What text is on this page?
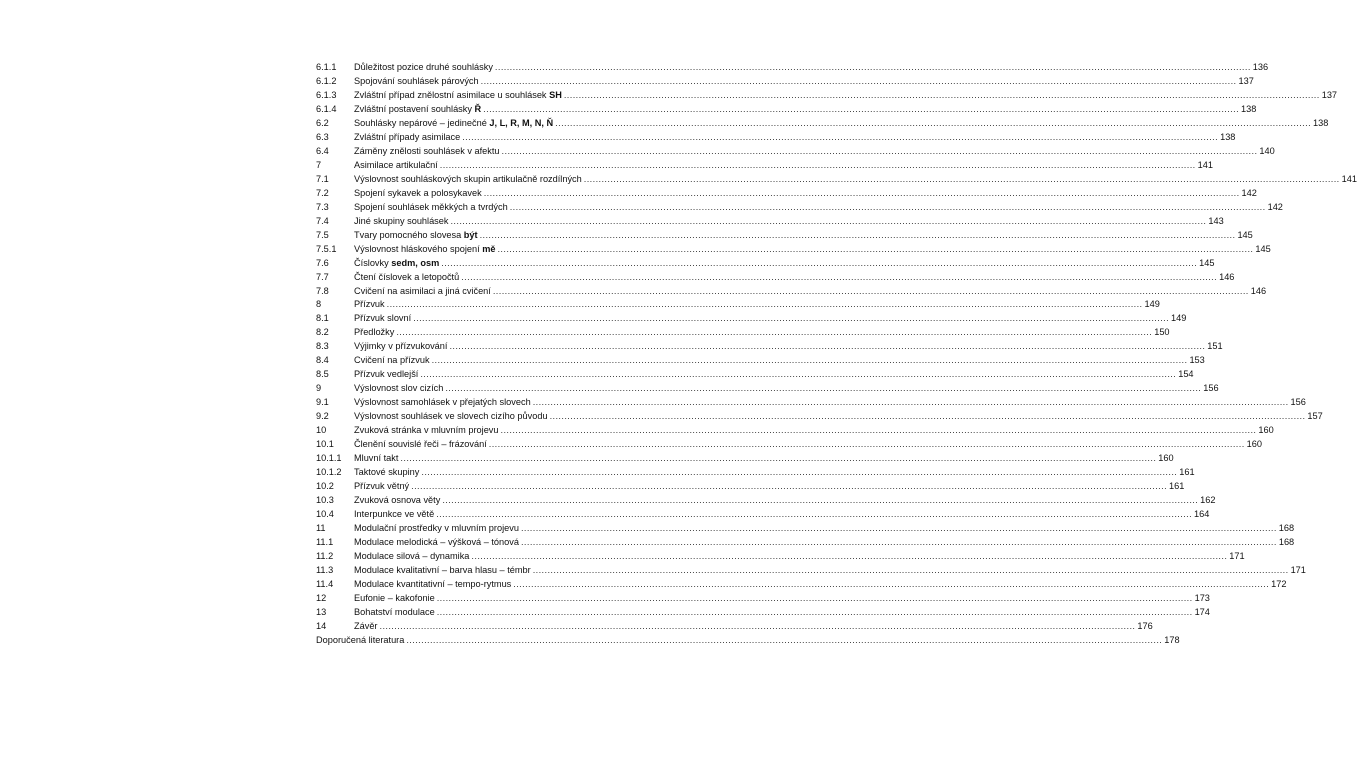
6.1.1	Důležitost pozice druhé souhlásky .....	136
6.1.2	Spojování souhlásek párových .....	137
6.1.3	Zvláštní případ znělostní asimilace u souhlásek SH .....	137
6.1.4	Zvláštní postavení souhlásky Ř .....	138
6.2	Souhlásky nepárové – jedinečné J, L, R, M, N, Ň .....	138
6.3	Zvláštní případy asimilace .....	138
6.4	Záměny znělosti souhlásek v afektu .....	140
7	Asimilace artikulační .....	141
7.1	Výslovnost souhláskových skupin artikulačně rozdílných .....	141
7.2	Spojení sykavek a polosykavek .....	142
7.3	Spojení souhlásek měkkých a tvrdých .....	142
7.4	Jiné skupiny souhlásek .....	143
7.5	Tvary pomocného slovesa být .....	145
7.5.1	Výslovnost hláskového spojení mě .....	145
7.6	Číslovky sedm, osm .....	145
7.7	Čtení číslovek a letopočtů .....	146
7.8	Cvičení na asimilaci a jiná cvičení .....	146
8	Přízvuk .....	149
8.1	Přízvuk slovní .....	149
8.2	Předložky .....	150
8.3	Výjimky v přízvukování .....	151
8.4	Cvičení na přízvuk .....	153
8.5	Přízvuk vedlejší .....	154
9	Výslovnost slov cizích .....	156
9.1	Výslovnost samohlásek v přejatých slovech .....	156
9.2	Výslovnost souhlásek ve slovech cizího původu .....	157
10	Zvuková stránka v mluvním projevu .....	160
10.1	Členění souvislé řeči – frázování .....	160
10.1.1	Mluvní takt .....	160
10.1.2	Taktové skupiny .....	161
10.2	Přízvuk větný .....	161
10.3	Zvuková osnova věty .....	162
10.4	Interpunkce ve větě .....	164
11	Modulační prostředky v mluvním projevu .....	168
11.1	Modulace melodická – výšková – tónová .....	168
11.2	Modulace silová – dynamika .....	171
11.3	Modulace kvalitativní – barva hlasu – témbr .....	171
11.4	Modulace kvantitativní – tempo-rytmus .....	172
12	Eufonie – kakofonie .....	173
13	Bohatství modulace .....	174
14	Závěr .....	176
Doporučená literatura .....	178
